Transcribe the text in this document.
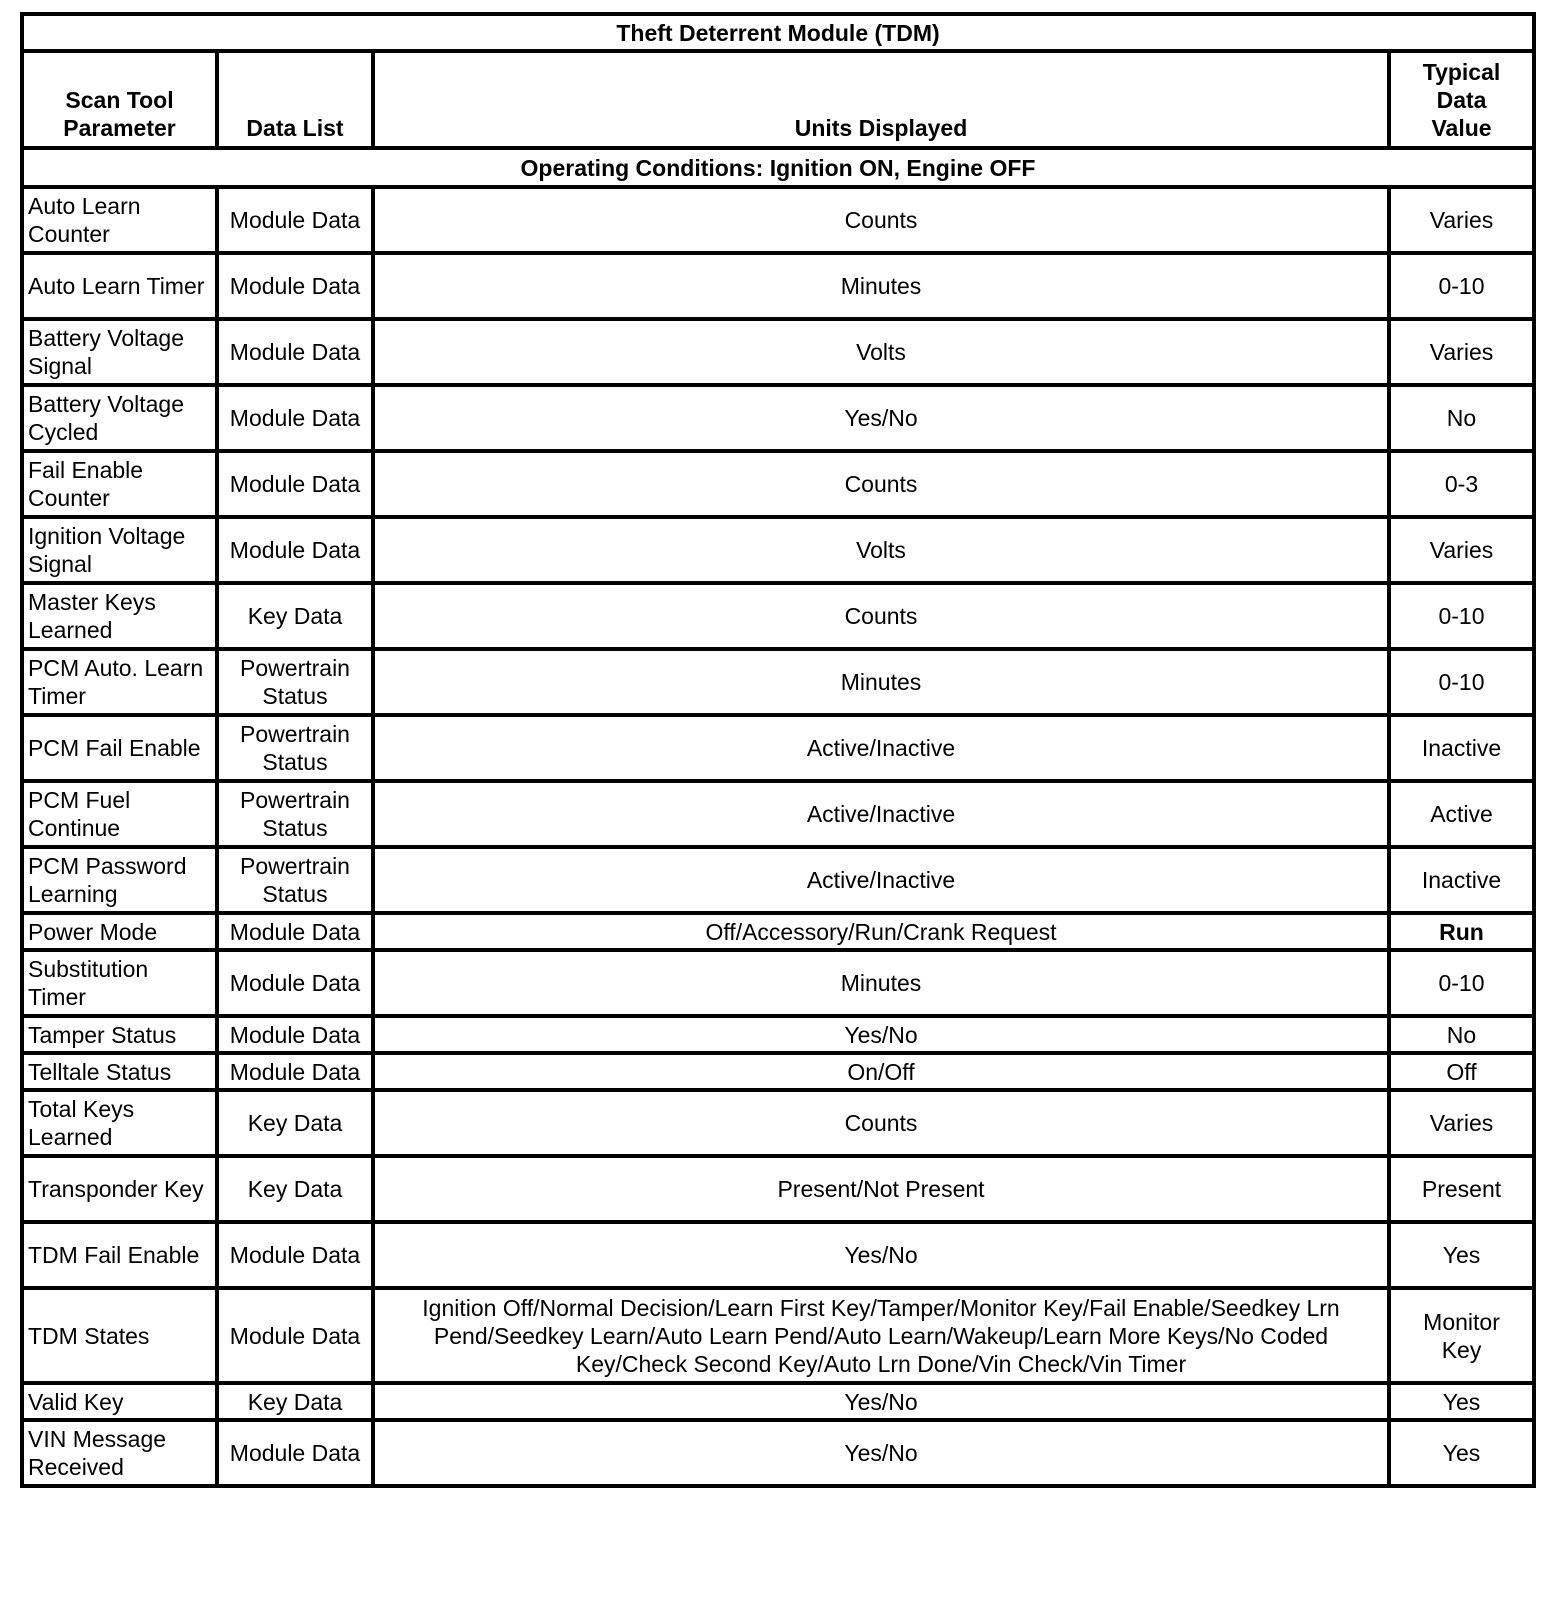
Theft Deterrent Module (TDM)			
Scan Tool Parameter	Data List	Units Displayed	Typical Data Value
Operating Conditions: Ignition ON, Engine OFF			
Auto Learn Counter	Module Data	Counts	Varies
Auto Learn Timer	Module Data	Minutes	0-10
Battery Voltage Signal	Module Data	Volts	Varies
Battery Voltage Cycled	Module Data	Yes/No	No
Fail Enable Counter	Module Data	Counts	0-3
Ignition Voltage Signal	Module Data	Volts	Varies
Master Keys Learned	Key Data	Counts	0-10
PCM Auto. Learn Timer	Powertrain Status	Minutes	0-10
PCM Fail Enable	Powertrain Status	Active/Inactive	Inactive
PCM Fuel Continue	Powertrain Status	Active/Inactive	Active
PCM Password Learning	Powertrain Status	Active/Inactive	Inactive
Power Mode	Module Data	Off/Accessory/Run/Crank Request	Run
Substitution Timer	Module Data	Minutes	0-10
Tamper Status	Module Data	Yes/No	No
Telltale Status	Module Data	On/Off	Off
Total Keys Learned	Key Data	Counts	Varies
Transponder Key	Key Data	Present/Not Present	Present
TDM Fail Enable	Module Data	Yes/No	Yes
TDM States	Module Data	Ignition Off/Normal Decision/Learn First Key/Tamper/Monitor Key/Fail Enable/Seedkey Lrn Pend/Seedkey Learn/Auto Learn Pend/Auto Learn/Wakeup/Learn More Keys/No Coded Key/Check Second Key/Auto Lrn Done/Vin Check/Vin Timer	Monitor Key
Valid Key	Key Data	Yes/No	Yes
VIN Message Received	Module Data	Yes/No	Yes
